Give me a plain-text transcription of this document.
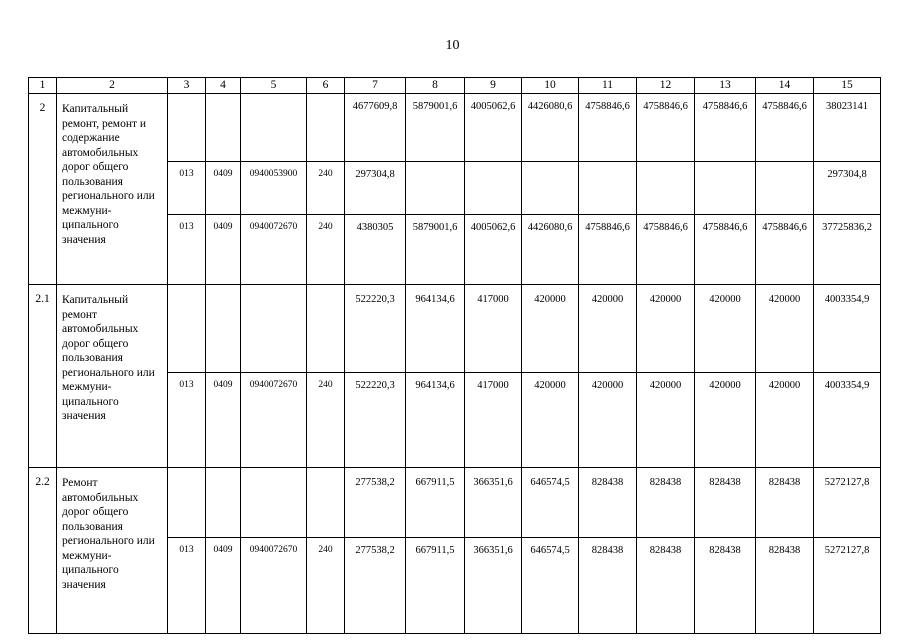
10
1	2	3	4	5	6	7	8	9	10	11	12	13	14	15
2	Капитальный ремонт, ремонт и содержание автомобильных дорог общего пользования регионального или межмуни-ципального значения					4677609,8	5879001,6	4005062,6	4426080,6	4758846,6	4758846,6	4758846,6	4758846,6	38023141
		013	0409	0940053900	240	297304,8								297304,8
		013	0409	0940072670	240	4380305	5879001,6	4005062,6	4426080,6	4758846,6	4758846,6	4758846,6	4758846,6	37725836,2
2.1	Капитальный ремонт автомобильных дорог общего пользования регионального или межмуни-ципального значения					522220,3	964134,6	417000	420000	420000	420000	420000	420000	4003354,9
		013	0409	0940072670	240	522220,3	964134,6	417000	420000	420000	420000	420000	420000	4003354,9
2.2	Ремонт автомобильных дорог общего пользования регионального или межмуни-ципального значения					277538,2	667911,5	366351,6	646574,5	828438	828438	828438	828438	5272127,8
		013	0409	0940072670	240	277538,2	667911,5	366351,6	646574,5	828438	828438	828438	828438	5272127,8
